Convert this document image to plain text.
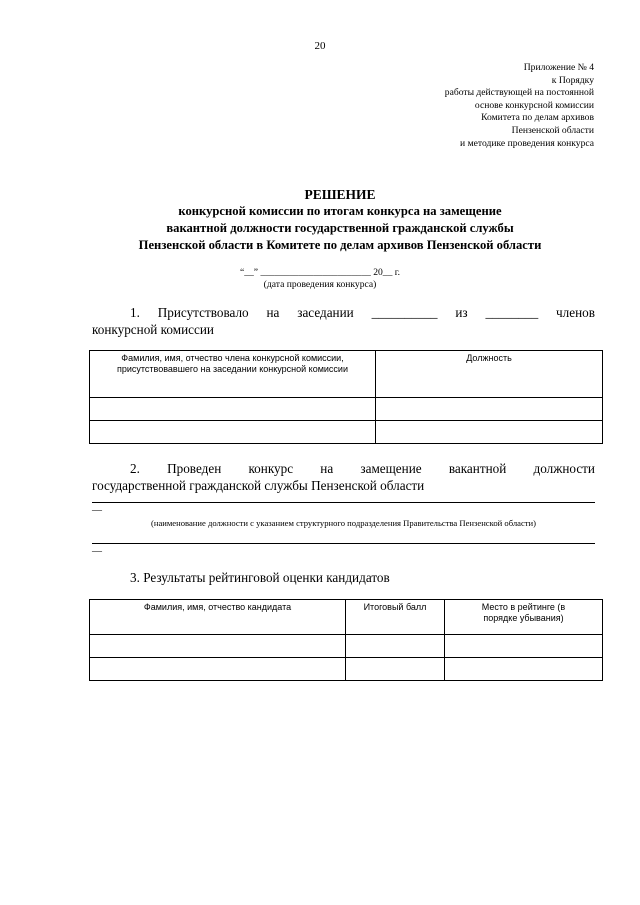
20
Приложение № 4
к Порядку
работы действующей на постоянной
основе конкурсной комиссии
Комитета по делам архивов
Пензенской области
и методике проведения конкурса
РЕШЕНИЕ
конкурсной комиссии по итогам конкурса на замещение
вакантной должности государственной гражданской службы
Пензенской области в Комитете по делам архивов Пензенской области
“__” _______________________ 20__ г.
(дата проведения конкурса)
1. Присутствовало на заседании __________ из ________ членов
конкурсной комиссии
Фамилия, имя, отчество члена конкурсной комиссии, присутствовавшего на заседании конкурсной комиссии	Должность

2. Проведен конкурс на замещение вакантной должности
государственной гражданской службы Пензенской области
__
(наименование должности с указанием структурного подразделения Правительства Пензенской области)
__
3. Результаты рейтинговой оценки кандидатов
Фамилия, имя, отчество кандидата	Итоговый балл	Место в рейтинге (в порядке убывания)
